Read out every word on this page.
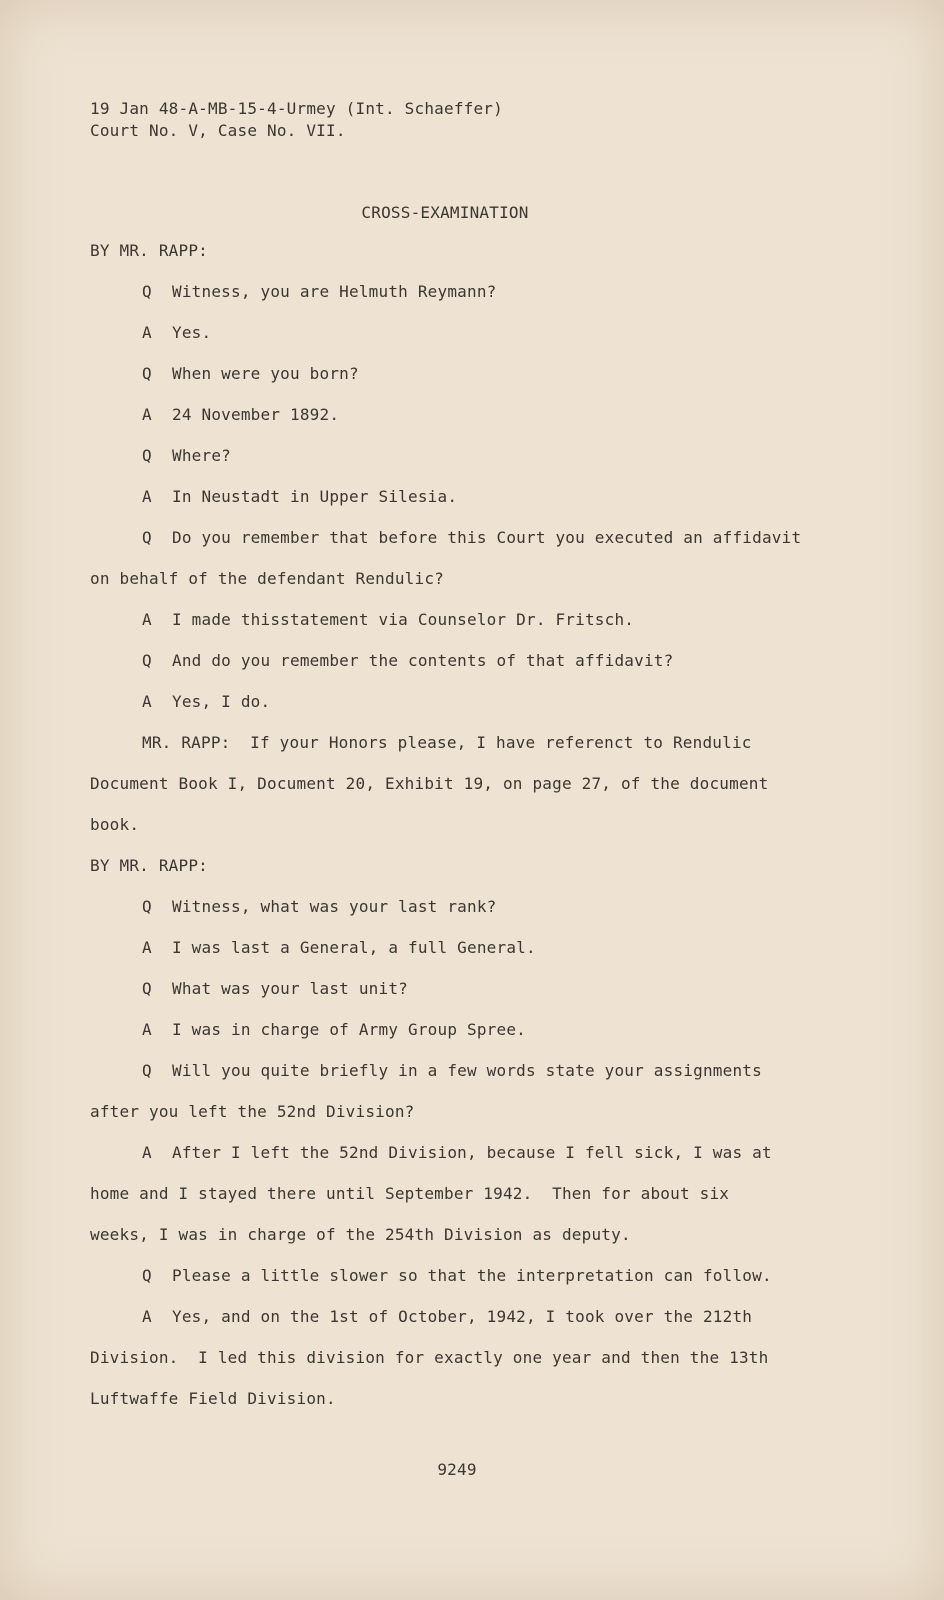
19 Jan 48-A-MB-15-4-Urmey (Int. Schaeffer)
Court No. V, Case No. VII.
CROSS-EXAMINATION
BY MR. RAPP:
Q Witness, you are Helmuth Reymann?
A Yes.
Q When were you born?
A 24 November 1892.
Q Where?
A In Neustadt in Upper Silesia.
Q Do you remember that before this Court you executed an affidavit
on behalf of the defendant Rendulic?
A I made thisstatement via Counselor Dr. Fritsch.
Q And do you remember the contents of that affidavit?
A Yes, I do.
MR. RAPP:  If your Honors please, I have referenct to Rendulic
Document Book I, Document 20, Exhibit 19, on page 27, of the document
book.
BY MR. RAPP:
Q Witness, what was your last rank?
A I was last a General, a full General.
Q What was your last unit?
A I was in charge of Army Group Spree.
Q Will you quite briefly in a few words state your assignments
after you left the 52nd Division?
A After I left the 52nd Division, because I fell sick, I was at
home and I stayed there until September 1942.  Then for about six
weeks, I was in charge of the 254th Division as deputy.
Q Please a little slower so that the interpretation can follow.
A Yes, and on the 1st of October, 1942, I took over the 212th
Division.  I led this division for exactly one year and then the 13th
Luftwaffe Field Division.
9249
